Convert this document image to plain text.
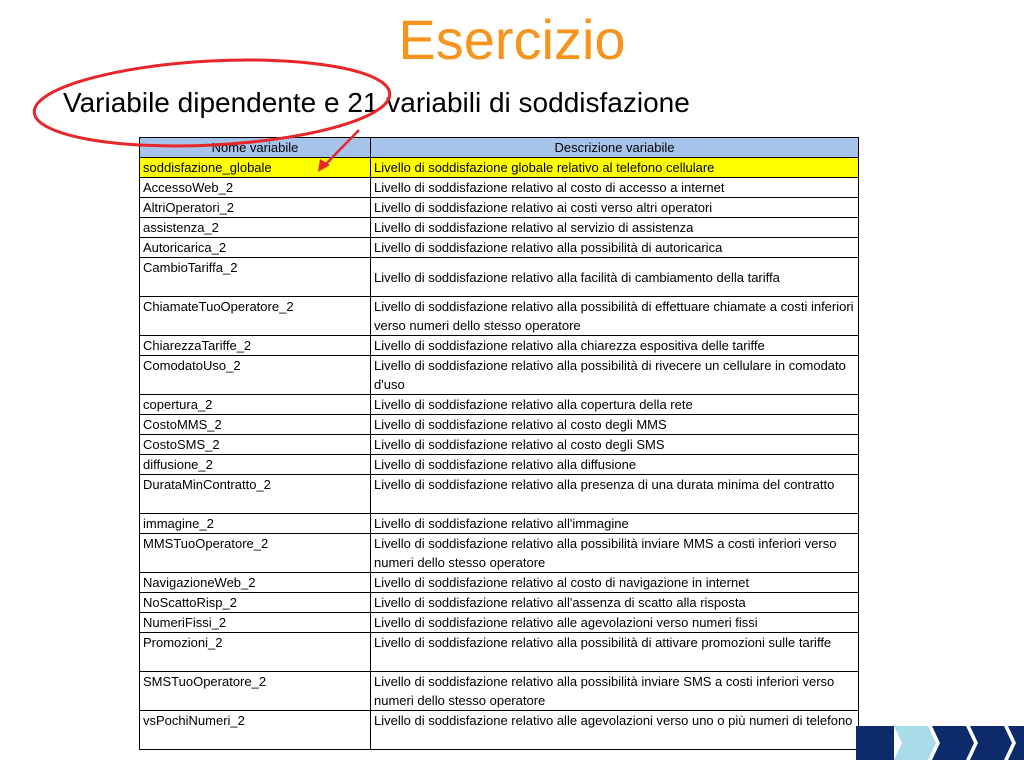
Esercizio
Variabile dipendente e 21 variabili di soddisfazione
Nome variabile	Descrizione variabile
soddisfazione_globale	Livello di soddisfazione globale relativo al telefono cellulare
AccessoWeb_2	Livello di soddisfazione relativo al costo di accesso a internet
AltriOperatori_2	Livello di soddisfazione relativo ai costi verso altri operatori
assistenza_2	Livello di soddisfazione relativo al servizio di assistenza
Autoricarica_2	Livello di soddisfazione relativo alla possibilità di autoricarica
CambioTariffa_2	Livello di soddisfazione relativo alla facilità di cambiamento della tariffa
ChiamateTuoOperatore_2	Livello di soddisfazione relativo alla possibilità di effettuare chiamate a costi inferiori verso numeri dello stesso operatore
ChiarezzaTariffe_2	Livello di soddisfazione relativo alla chiarezza espositiva delle tariffe
ComodatoUso_2	Livello di soddisfazione relativo alla possibilità di rivecere un cellulare in comodato d'uso
copertura_2	Livello di soddisfazione relativo alla copertura della rete
CostoMMS_2	Livello di soddisfazione relativo al costo degli MMS
CostoSMS_2	Livello di soddisfazione relativo al costo degli SMS
diffusione_2	Livello di soddisfazione relativo alla diffusione
DurataMinContratto_2	Livello di soddisfazione relativo alla presenza di una durata minima del contratto
immagine_2	Livello di soddisfazione relativo all'immagine
MMSTuoOperatore_2	Livello di soddisfazione relativo alla possibilità inviare MMS a costi inferiori verso numeri dello stesso operatore
NavigazioneWeb_2	Livello di soddisfazione relativo al costo di navigazione in internet
NoScattoRisp_2	Livello di soddisfazione relativo all'assenza di scatto alla risposta
NumeriFissi_2	Livello di soddisfazione relativo alle agevolazioni verso numeri fissi
Promozioni_2	Livello di soddisfazione relativo alla possibilità di attivare promozioni sulle tariffe
SMSTuoOperatore_2	Livello di soddisfazione relativo alla possibilità inviare SMS a costi inferiori verso numeri dello stesso operatore
vsPochiNumeri_2	Livello di soddisfazione relativo alle agevolazioni verso uno o più numeri di telefono
